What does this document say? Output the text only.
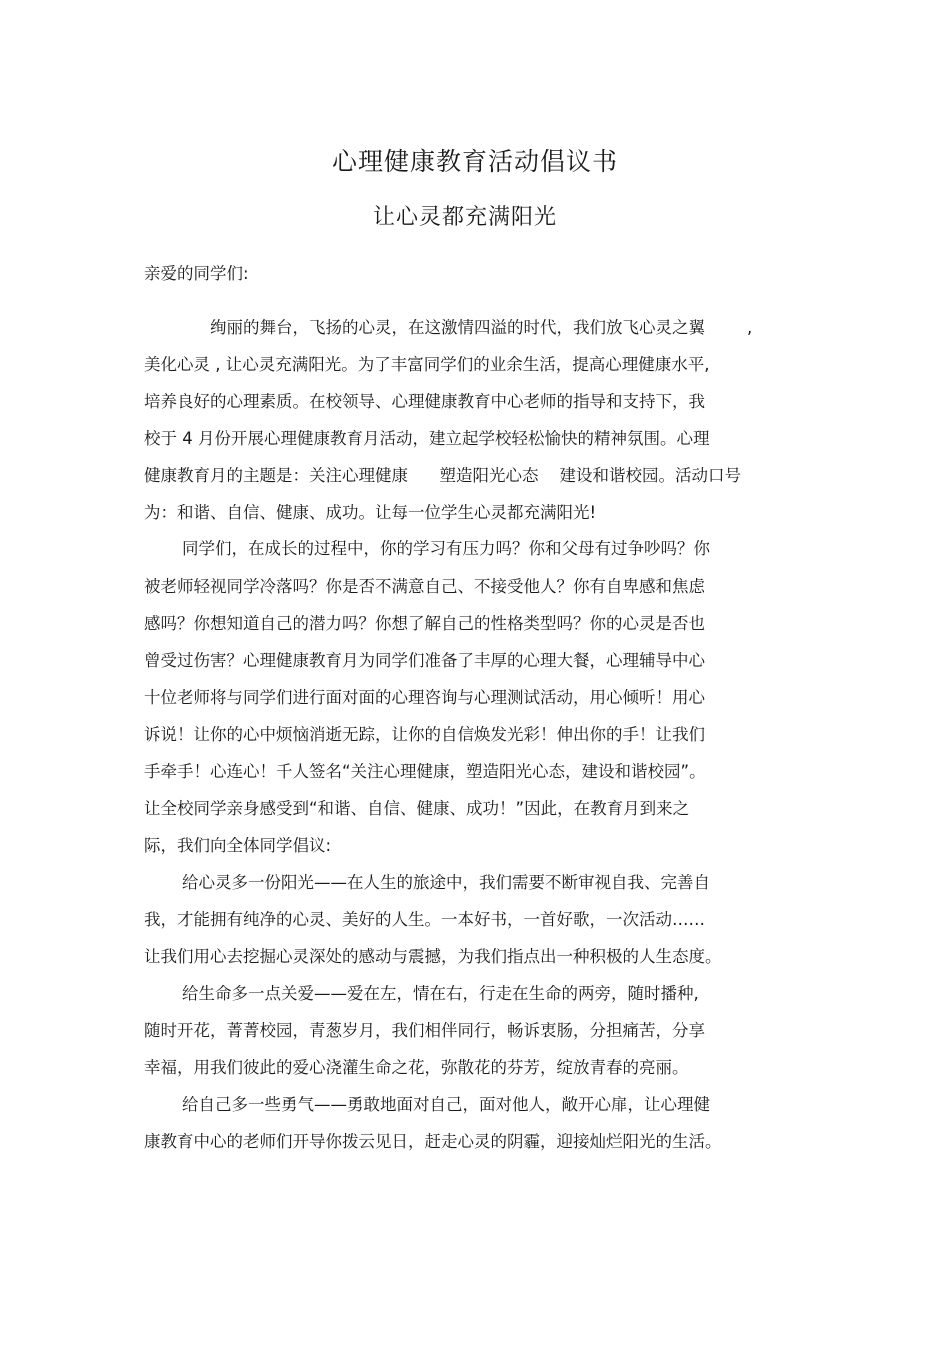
心理健康教育活动倡议书
让心灵都充满阳光
亲爱的同学们:
绚丽的舞台，飞扬的心灵，在这激情四溢的时代，我们放飞心灵之翼        ,
美化心灵 , 让心灵充满阳光。为了丰富同学们的业余生活，提高心理健康水平,
培养良好的心理素质。在校领导、心理健康教育中心老师的指导和支持下，我
校于 4 月份开展心理健康教育月活动，建立起学校轻松愉快的精神氛围。心理
健康教育月的主题是：关注心理健康      塑造阳光心态    建设和谐校园。活动口号
为：和谐、自信、健康、成功。让每一位学生心灵都充满阳光!
同学们，在成长的过程中，你的学习有压力吗？你和父母有过争吵吗？你
被老师轻视同学冷落吗？你是否不满意自己、不接受他人？你有自卑感和焦虑
感吗？你想知道自己的潜力吗？你想了解自己的性格类型吗？你的心灵是否也
曾受过伤害？心理健康教育月为同学们准备了丰厚的心理大餐，心理辅导中心
十位老师将与同学们进行面对面的心理咨询与心理测试活动，用心倾听！用心
诉说！让你的心中烦恼消逝无踪，让你的自信焕发光彩！伸出你的手！让我们
手牵手！心连心！千人签名“关注心理健康，塑造阳光心态，建设和谐校园”。
让全校同学亲身感受到“和谐、自信、健康、成功！”因此，在教育月到来之
际，我们向全体同学倡议:
给心灵多一份阳光——在人生的旅途中，我们需要不断审视自我、完善自
我，才能拥有纯净的心灵、美好的人生。一本好书，一首好歌，一次活动……
让我们用心去挖掘心灵深处的感动与震撼，为我们指点出一种积极的人生态度。
给生命多一点关爱——爱在左，情在右，行走在生命的两旁，随时播种,
随时开花，菁菁校园，青葱岁月，我们相伴同行，畅诉衷肠，分担痛苦，分享
幸福，用我们彼此的爱心浇灌生命之花，弥散花的芬芳，绽放青春的亮丽。
给自己多一些勇气——勇敢地面对自己，面对他人，敞开心扉，让心理健
康教育中心的老师们开导你拨云见日，赶走心灵的阴霾，迎接灿烂阳光的生活。
